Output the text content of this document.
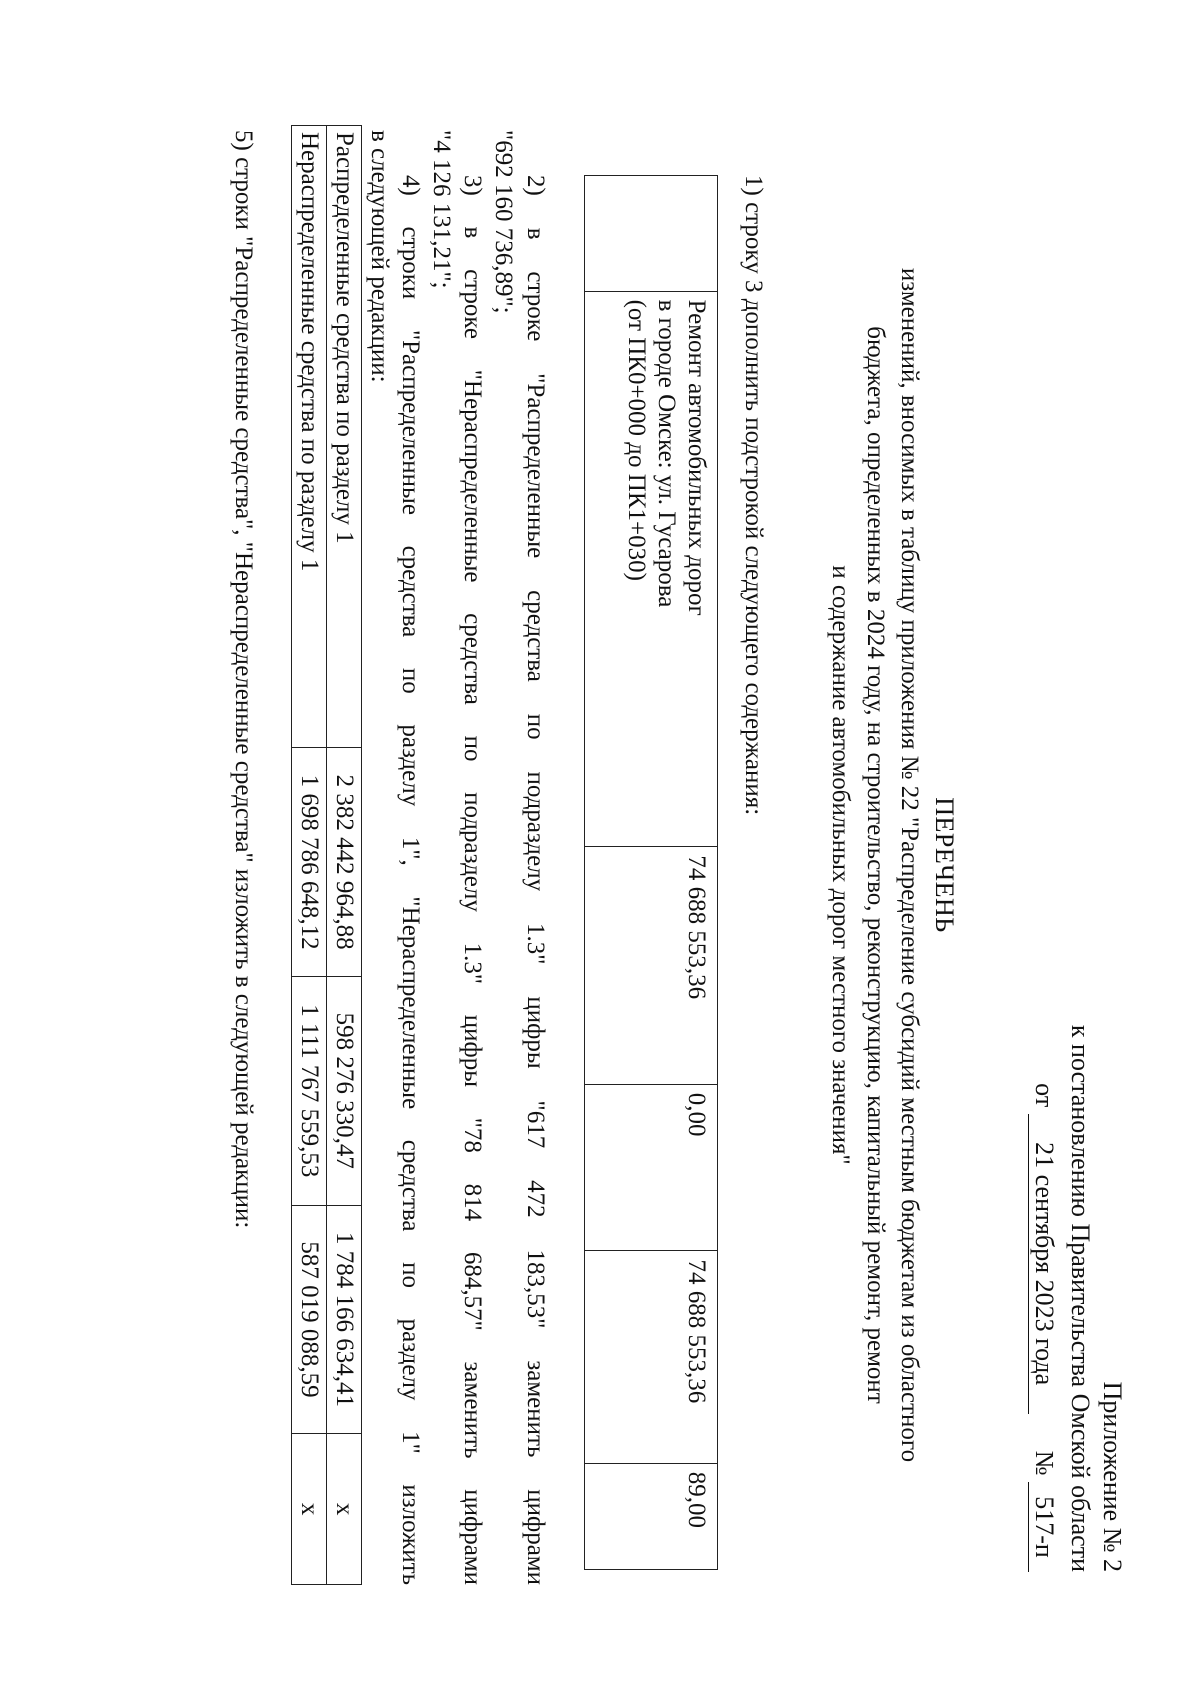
Приложение № 2
к постановлению Правительства Омской области
от 21 сентября 2023 года  № 517-п
ПЕРЕЧЕНЬ
изменений, вносимых в таблицу приложения № 22 "Распределение субсидий местным бюджетам из областного
бюджета, определенных в 2024 году, на строительство, реконструкцию, капитальный ремонт, ремонт
и содержание автомобильных дорог местного значения"
1) строку 3 дополнить подстрокой следующего содержания:

Ремонт автомобильных дорог
в городе Омске: ул. Гусарова
(от ПК0+000 до ПК1+030)
	74 688 553,36	0,00	74 688 553,36	89,00
2) в строке "Распределенные средства по подразделу 1.3" цифры "617 472 183,53" заменить цифрами
"692 160 736,89";
3) в строке "Нераспределенные средства по подразделу 1.3" цифры "78 814 684,57" заменить цифрами
"4 126 131,21";
4) строки "Распределенные средства по разделу 1", "Нераспределенные средства по разделу 1" изложить
в следующей редакции:
Распределенные средства по разделу 1	2 382 442 964,88	598 276 330,47	1 784 166 634,41	x
Нераспределенные средства по разделу 1	1 698 786 648,12	1 111 767 559,53	587 019 088,59	x
5) строки "Распределенные средства", "Нераспределенные средства" изложить в следующей редакции:
